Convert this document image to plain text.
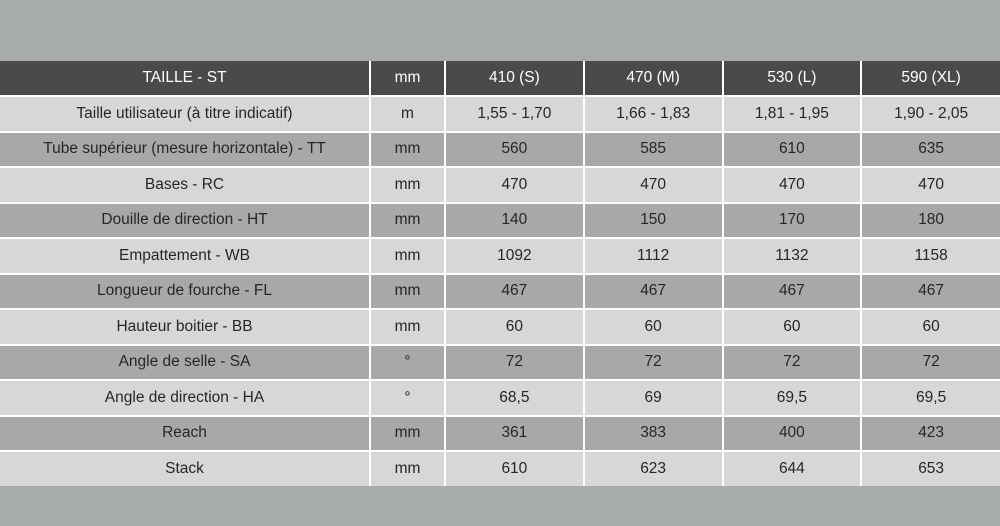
TAILLE - ST	mm	410 (S)	470 (M)	530 (L)	590 (XL)
Taille utilisateur (à titre indicatif)	m	1,55 - 1,70	1,66 - 1,83	1,81 - 1,95	1,90 - 2,05
Tube supérieur (mesure horizontale) - TT	mm	560	585	610	635
Bases - RC	mm	470	470	470	470
Douille de direction - HT	mm	140	150	170	180
Empattement - WB	mm	1092	1112	1132	1158
Longueur de fourche - FL	mm	467	467	467	467
Hauteur boitier - BB	mm	60	60	60	60
Angle de selle - SA	°	72	72	72	72
Angle de direction - HA	°	68,5	69	69,5	69,5
Reach	mm	361	383	400	423
Stack	mm	610	623	644	653
